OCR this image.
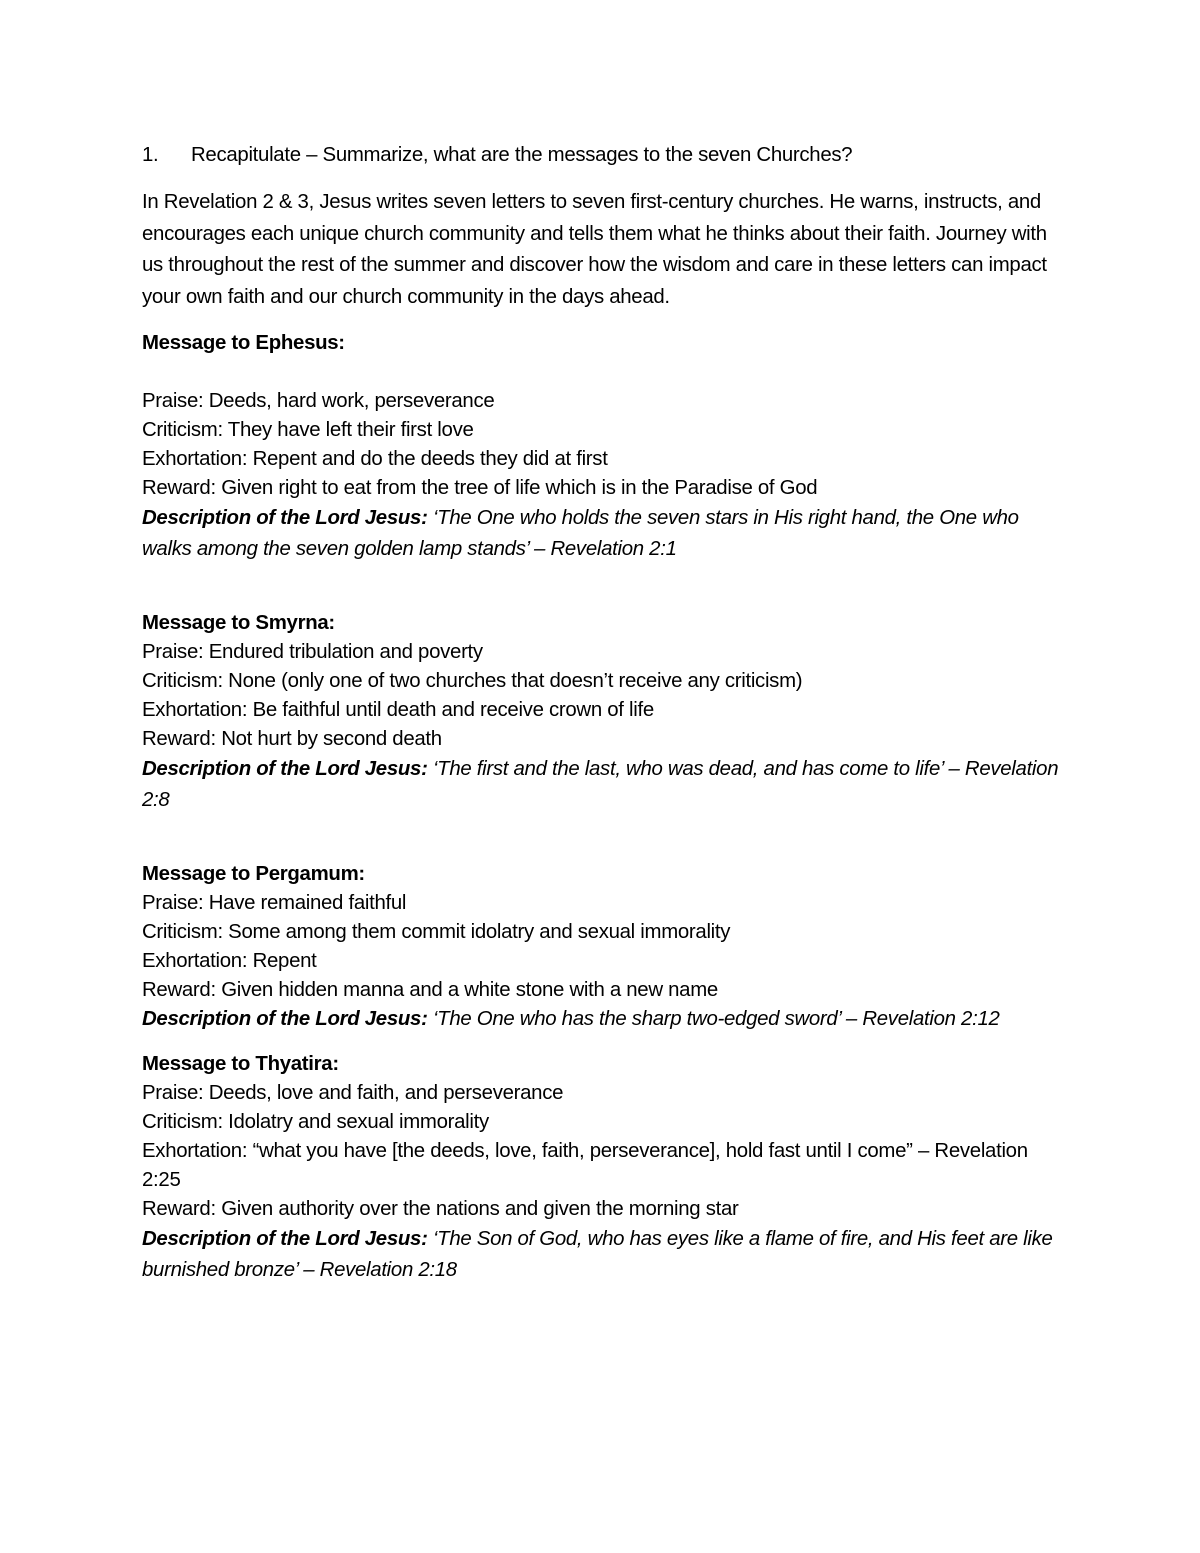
1.	Recapitulate – Summarize, what are the messages to the seven Churches?

In Revelation 2 & 3, Jesus writes seven letters to seven first-century churches. He warns, instructs, and encourages each unique church community and tells them what he thinks about their faith. Journey with us throughout the rest of the summer and discover how the wisdom and care in these letters can impact your own faith and our church community in the days ahead.

Message to Ephesus:

Praise: Deeds, hard work, perseverance

Criticism: They have left their first love

Exhortation: Repent and do the deeds they did at first

Reward: Given right to eat from the tree of life which is in the Paradise of God

Description of the Lord Jesus: ‘The One who holds the seven stars in His right hand, the One who walks among the seven golden lamp stands’ – Revelation 2:1

Message to Smyrna:

Praise: Endured tribulation and poverty

Criticism: None (only one of two churches that doesn’t receive any criticism)

Exhortation: Be faithful until death and receive crown of life

Reward: Not hurt by second death

Description of the Lord Jesus: ‘The first and the last, who was dead, and has come to life’ – Revelation 2:8

Message to Pergamum:

Praise: Have remained faithful

Criticism: Some among them commit idolatry and sexual immorality

Exhortation: Repent

Reward: Given hidden manna and a white stone with a new name

Description of the Lord Jesus: ‘The One who has the sharp two-edged sword’ – Revelation 2:12

Message to Thyatira:

Praise: Deeds, love and faith, and perseverance

Criticism: Idolatry and sexual immorality

Exhortation: “what you have [the deeds, love, faith, perseverance], hold fast until I come” – Revelation 2:25

Reward: Given authority over the nations and given the morning star

Description of the Lord Jesus: ‘The Son of God, who has eyes like a flame of fire, and His feet are like burnished bronze’ – Revelation 2:18
